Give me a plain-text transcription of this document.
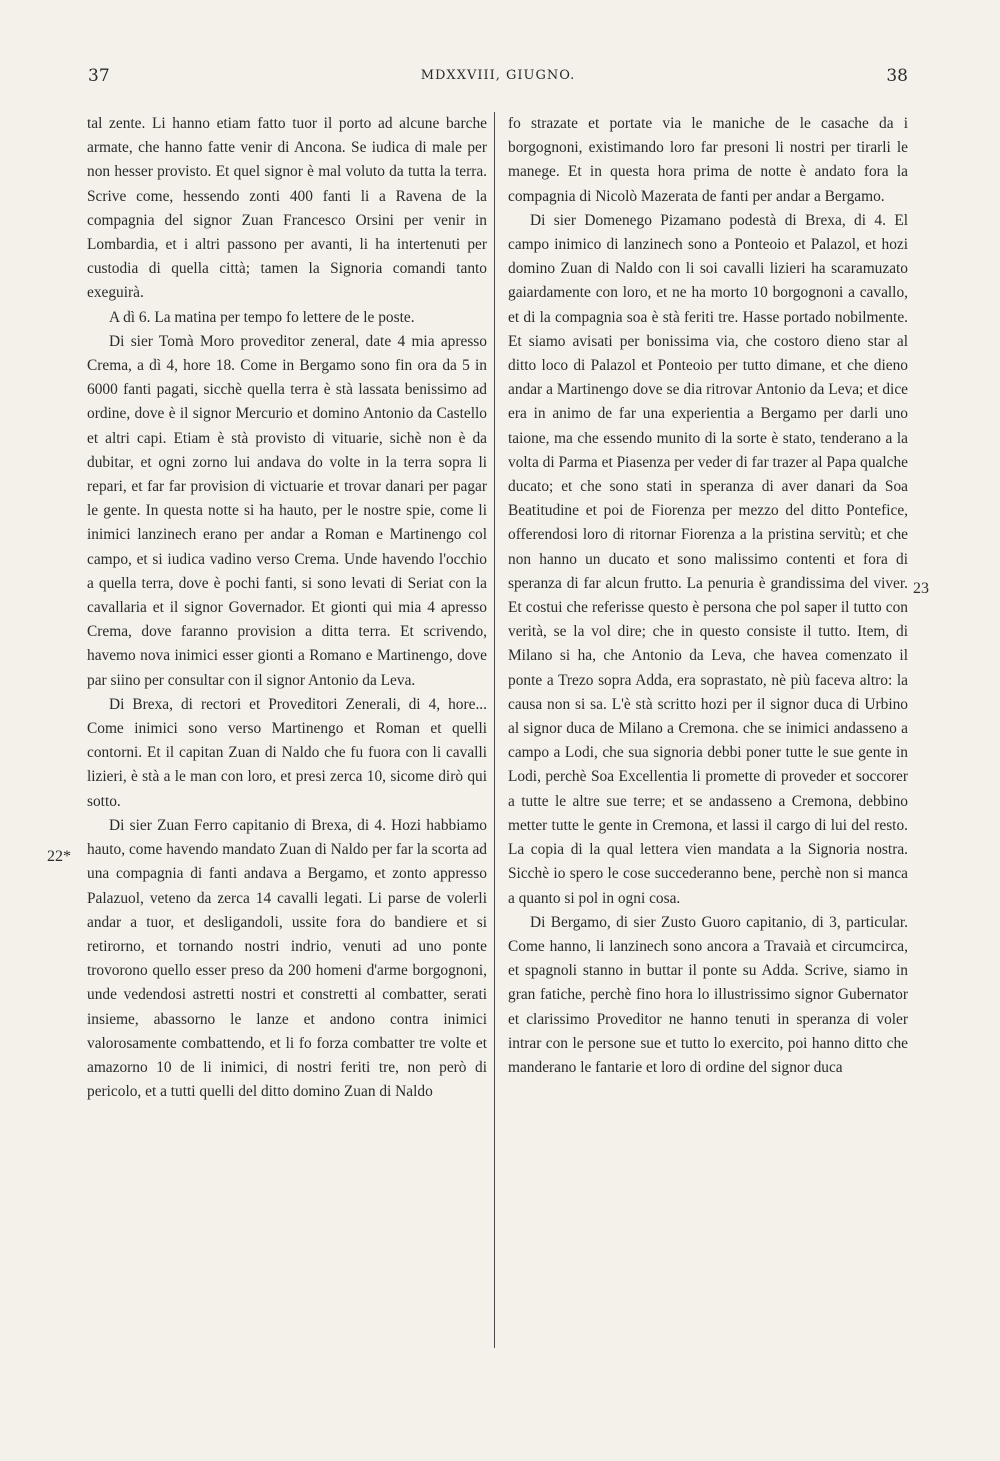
37	MDXXVIII, GIUGNO.	38
22*
23

tal zente. Li hanno etiam fatto tuor il porto ad alcune barche armate, che hanno fatte venir di Ancona. Se iudica di male per non hesser provisto. Et quel signor è mal voluto da tutta la terra. Scrive come, hessendo zonti 400 fanti li a Ravena de la compagnia del signor Zuan Francesco Orsini per venir in Lombardia, et i altri passono per avanti, li ha intertenuti per custodia di quella città; tamen la Signoria comandi tanto exeguirà.

A dì 6. La matina per tempo fo lettere de le poste.

Di sier Tomà Moro proveditor zeneral, date 4 mia apresso Crema, a dì 4, hore 18. Come in Bergamo sono fin ora da 5 in 6000 fanti pagati, sicchè quella terra è stà lassata benissimo ad ordine, dove è il signor Mercurio et domino Antonio da Castello et altri capi. Etiam è stà provisto di vituarie, sichè non è da dubitar, et ogni zorno lui andava do volte in la terra sopra li repari, et far far provision di victuarie et trovar danari per pagar le gente. In questa notte si ha hauto, per le nostre spie, come li inimici lanzinech erano per andar a Roman e Martinengo col campo, et si iudica vadino verso Crema. Unde havendo l'occhio a quella terra, dove è pochi fanti, si sono levati di Seriat con la cavallaria et il signor Governador. Et gionti qui mia 4 apresso Crema, dove faranno provision a ditta terra. Et scrivendo, havemo nova inimici esser gionti a Romano e Martinengo, dove par siino per consultar con il signor Antonio da Leva.

Di Brexa, di rectori et Proveditori Zenerali, di 4, hore... Come inimici sono verso Martinengo et Roman et quelli contorni. Et il capitan Zuan di Naldo che fu fuora con li cavalli lizieri, è stà a le man con loro, et presi zerca 10, sicome dirò qui sotto.

Di sier Zuan Ferro capitanio di Brexa, di 4. Hozi habbiamo hauto, come havendo mandato Zuan di Naldo per far la scorta ad una compagnia di fanti andava a Bergamo, et zonto appresso Palazuol, veteno da zerca 14 cavalli legati. Li parse de volerli andar a tuor, et desligandoli, ussite fora do bandiere et si retirorno, et tornando nostri indrio, venuti ad uno ponte trovorono quello esser preso da 200 homeni d'arme borgognoni, unde vedendosi astretti nostri et constretti al combatter, serati insieme, abassorno le lanze et andono contra inimici valorosamente combattendo, et li fo forza combatter tre volte et amazorno 10 de li inimici, di nostri feriti tre, non però di pericolo, et a tutti quelli del ditto domino Zuan di Naldo

fo strazate et portate via le maniche de le casache da i borgognoni, existimando loro far presoni li nostri per tirarli le manege. Et in questa hora prima de notte è andato fora la compagnia di Nicolò Mazerata de fanti per andar a Bergamo.

Di sier Domenego Pizamano podestà di Brexa, di 4. El campo inimico di lanzinech sono a Ponteoio et Palazol, et hozi domino Zuan di Naldo con li soi cavalli lizieri ha scaramuzato gaiardamente con loro, et ne ha morto 10 borgognoni a cavallo, et di la compagnia soa è stà feriti tre. Hasse portado nobilmente. Et siamo avisati per bonissima via, che costoro dieno star al ditto loco di Palazol et Ponteoio per tutto dimane, et che dieno andar a Martinengo dove se dia ritrovar Antonio da Leva; et dice era in animo de far una experientia a Bergamo per darli uno taione, ma che essendo munito di la sorte è stato, tenderano a la volta di Parma et Piasenza per veder di far trazer al Papa qualche ducato; et che sono stati in speranza di aver danari da Soa Beatitudine et poi de Fiorenza per mezzo del ditto Pontefice, offerendosi loro di ritornar Fiorenza a la pristina servitù; et che non hanno un ducato et sono malissimo contenti et fora di speranza di far alcun frutto. La penuria è grandissima del viver. Et costui che referisse questo è persona che pol saper il tutto con verità, se la vol dire; che in questo consiste il tutto. Item, di Milano si ha, che Antonio da Leva, che havea comenzato il ponte a Trezo sopra Adda, era soprastato, nè più faceva altro: la causa non si sa. L'è stà scritto hozi per il signor duca di Urbino al signor duca de Milano a Cremona. che se inimici andasseno a campo a Lodi, che sua signoria debbi poner tutte le sue gente in Lodi, perchè Soa Excellentia li promette di proveder et soccorer a tutte le altre sue terre; et se andasseno a Cremona, debbino metter tutte le gente in Cremona, et lassi il cargo di lui del resto. La copia di la qual lettera vien mandata a la Signoria nostra. Sicchè io spero le cose succederanno bene, perchè non si manca a quanto si pol in ogni cosa.

Di Bergamo, di sier Zusto Guoro capitanio, di 3, particular. Come hanno, li lanzinech sono ancora a Travaià et circumcirca, et spagnoli stanno in buttar il ponte su Adda. Scrive, siamo in gran fatiche, perchè fino hora lo illustrissimo signor Gubernator et clarissimo Proveditor ne hanno tenuti in speranza di voler intrar con le persone sue et tutto lo exercito, poi hanno ditto che manderano le fantarie et loro di ordine del signor duca
